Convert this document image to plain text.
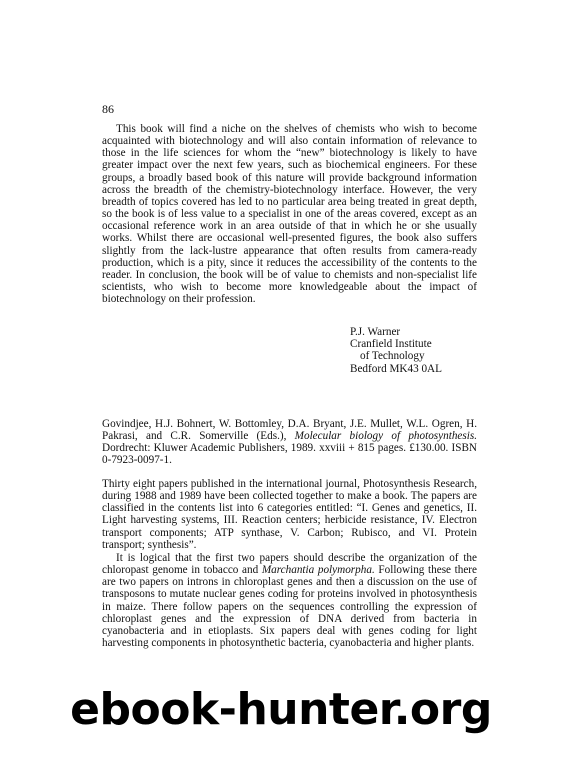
86

This book will find a niche on the shelves of chemists who wish to become acquainted with biotechnology and will also contain information of relevance to those in the life sciences for whom the “new” biotechnology is likely to have greater impact over the next few years, such as biochemical engineers. For these groups, a broadly based book of this nature will provide background information across the breadth of the chemistry-biotechnology interface. However, the very breadth of topics covered has led to no particular area being treated in great depth, so the book is of less value to a specialist in one of the areas covered, except as an occasional reference work in an area outside of that in which he or she usually works. Whilst there are occasional well-presented figures, the book also suffers slightly from the lack-lustre appearance that often results from camera-ready production, which is a pity, since it reduces the accessibility of the contents to the reader. In conclusion, the book will be of value to chemists and non-specialist life scientists, who wish to become more knowledgeable about the impact of biotechnology on their profession.

P.J. Warner
Cranfield Institute
of Technology
Bedford MK43 0AL

Govindjee, H.J. Bohnert, W. Bottomley, D.A. Bryant, J.E. Mullet, W.L. Ogren, H. Pakrasi, and C.R. Somerville (Eds.), Molecular biology of photosynthesis. Dordrecht: Kluwer Academic Publishers, 1989. xxviii + 815 pages. £130.00. ISBN 0-7923-0097-1.

Thirty eight papers published in the international journal, Photosynthesis Research, during 1988 and 1989 have been collected together to make a book. The papers are classified in the contents list into 6 categories entitled: “I. Genes and genetics, II. Light harvesting systems, III. Reaction centers; herbicide resistance, IV. Electron transport components; ATP synthase, V. Carbon; Rubisco, and VI. Protein transport; synthesis”.

It is logical that the first two papers should describe the organization of the chloropast genome in tobacco and Marchantia polymorpha. Following these there are two papers on introns in chloroplast genes and then a discussion on the use of transposons to mutate nuclear genes coding for proteins involved in photosynthesis in maize. There follow papers on the sequences controlling the expression of chloroplast genes and the expression of DNA derived from bacteria in cyanobacteria and in etioplasts. Six papers deal with genes coding for light harvesting components in photosynthetic bacteria, cyanobacteria and higher plants.

ebook-hunter.org
